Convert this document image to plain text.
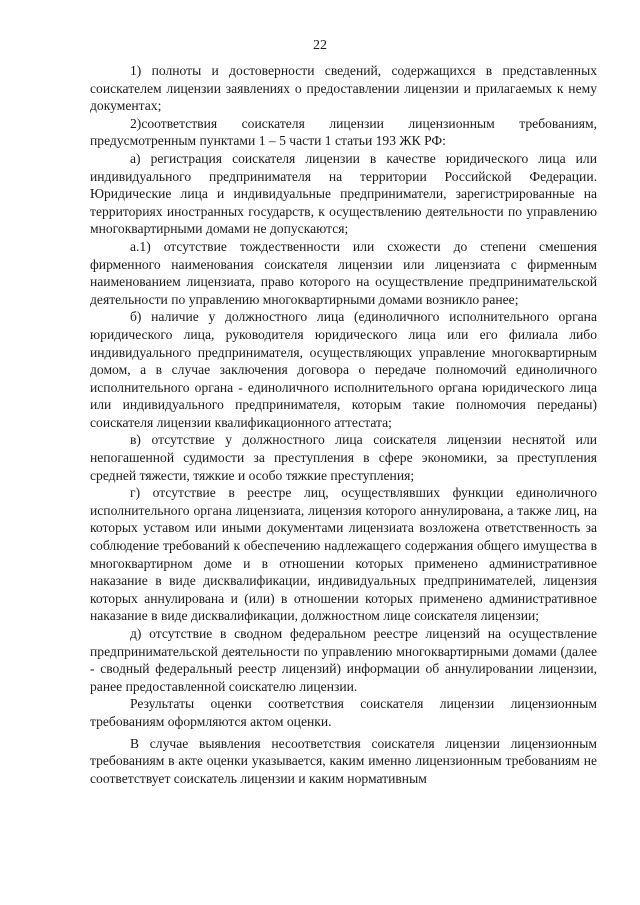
22

1) полноты и достоверности сведений, содержащихся в представленных соискателем лицензии заявлениях о предоставлении лицензии и прилагаемых к нему документах;

2)соответствия соискателя лицензии лицензионным требованиям, предусмотренным пунктами 1 – 5 части 1 статьи 193 ЖК РФ:

а) регистрация соискателя лицензии в качестве юридического лица или индивидуального предпринимателя на территории Российской Федерации. Юридические лица и индивидуальные предприниматели, зарегистрированные на территориях иностранных государств, к осуществлению деятельности по управлению многоквартирными домами не допускаются;

а.1) отсутствие тождественности или схожести до степени смешения фирменного наименования соискателя лицензии или лицензиата с фирменным наименованием лицензиата, право которого на осуществление предпринимательской деятельности по управлению многоквартирными домами возникло ранее;

б) наличие у должностного лица (единоличного исполнительного органа юридического лица, руководителя юридического лица или его филиала либо индивидуального предпринимателя, осуществляющих управление многоквартирным домом, а в случае заключения договора о передаче полномочий единоличного исполнительного органа - единоличного исполнительного органа юридического лица или индивидуального предпринимателя, которым такие полномочия переданы) соискателя лицензии квалификационного аттестата;

в) отсутствие у должностного лица соискателя лицензии неснятой или непогашенной судимости за преступления в сфере экономики, за преступления средней тяжести, тяжкие и особо тяжкие преступления;

г) отсутствие в реестре лиц, осуществлявших функции единоличного исполнительного органа лицензиата, лицензия которого аннулирована, а также лиц, на которых уставом или иными документами лицензиата возложена ответственность за соблюдение требований к обеспечению надлежащего содержания общего имущества в многоквартирном доме и в отношении которых применено административное наказание в виде дисквалификации, индивидуальных предпринимателей, лицензия которых аннулирована и (или) в отношении которых применено административное наказание в виде дисквалификации, должностном лице соискателя лицензии;

д) отсутствие в сводном федеральном реестре лицензий на осуществление предпринимательской деятельности по управлению многоквартирными домами (далее - сводный федеральный реестр лицензий) информации об аннулировании лицензии, ранее предоставленной соискателю лицензии.

Результаты оценки соответствия соискателя лицензии лицензионным требованиям оформляются актом оценки.

В случае выявления несоответствия соискателя лицензии лицензионным требованиям в акте оценки указывается, каким именно лицензионным требованиям не соответствует соискатель лицензии и каким нормативным
